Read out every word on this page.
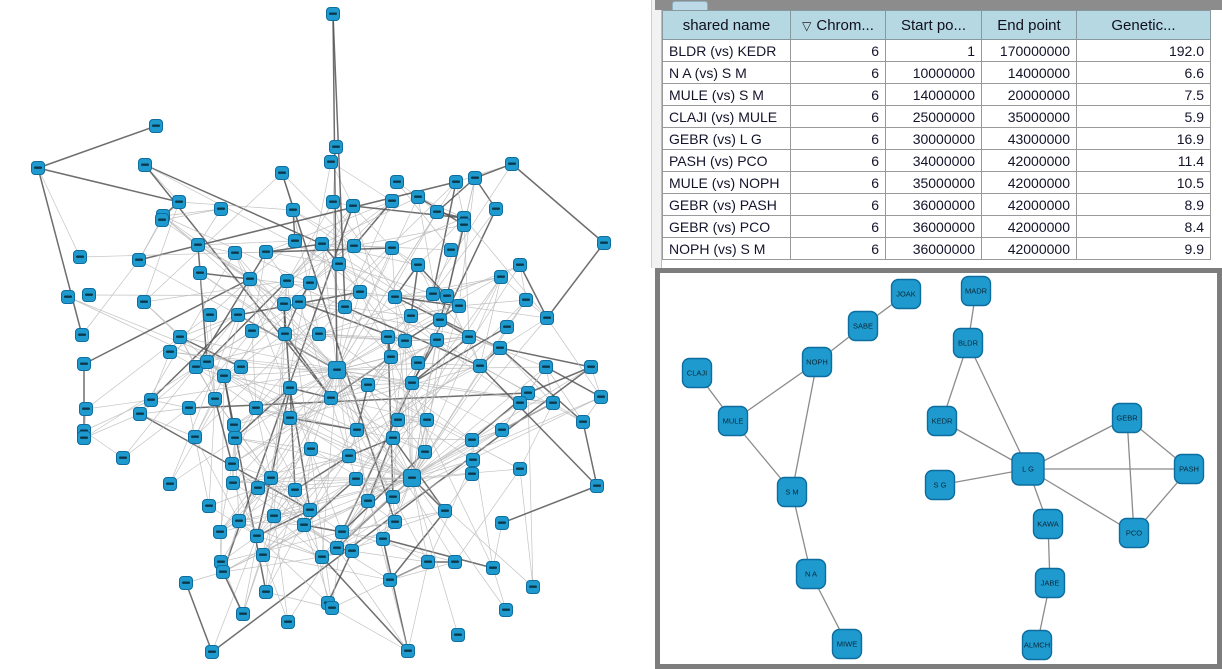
shared name	▽ Chrom...	Start po...	End point	Genetic...	
BLDR (vs) KEDR	6	1	170000000	192.0	
N A (vs) S M	6	10000000	14000000	6.6	
MULE (vs) S M	6	14000000	20000000	7.5	
CLAJI (vs) MULE	6	25000000	35000000	5.9	
GEBR (vs) L G	6	30000000	43000000	16.9	
PASH (vs) PCO	6	34000000	42000000	11.4	
MULE (vs) NOPH	6	35000000	42000000	10.5	
GEBR (vs) PASH	6	36000000	42000000	8.9	
GEBR (vs) PCO	6	36000000	42000000	8.4	
NOPH (vs) S M	6	36000000	42000000	9.9	
JOAK
SABE
NOPH
CLAJI
MULE
S M
N A
MIWE
MADR
BLDR
KEDR
S G
L G
GEBR
PASH
KAWA
PCO
JABE
ALMCH
